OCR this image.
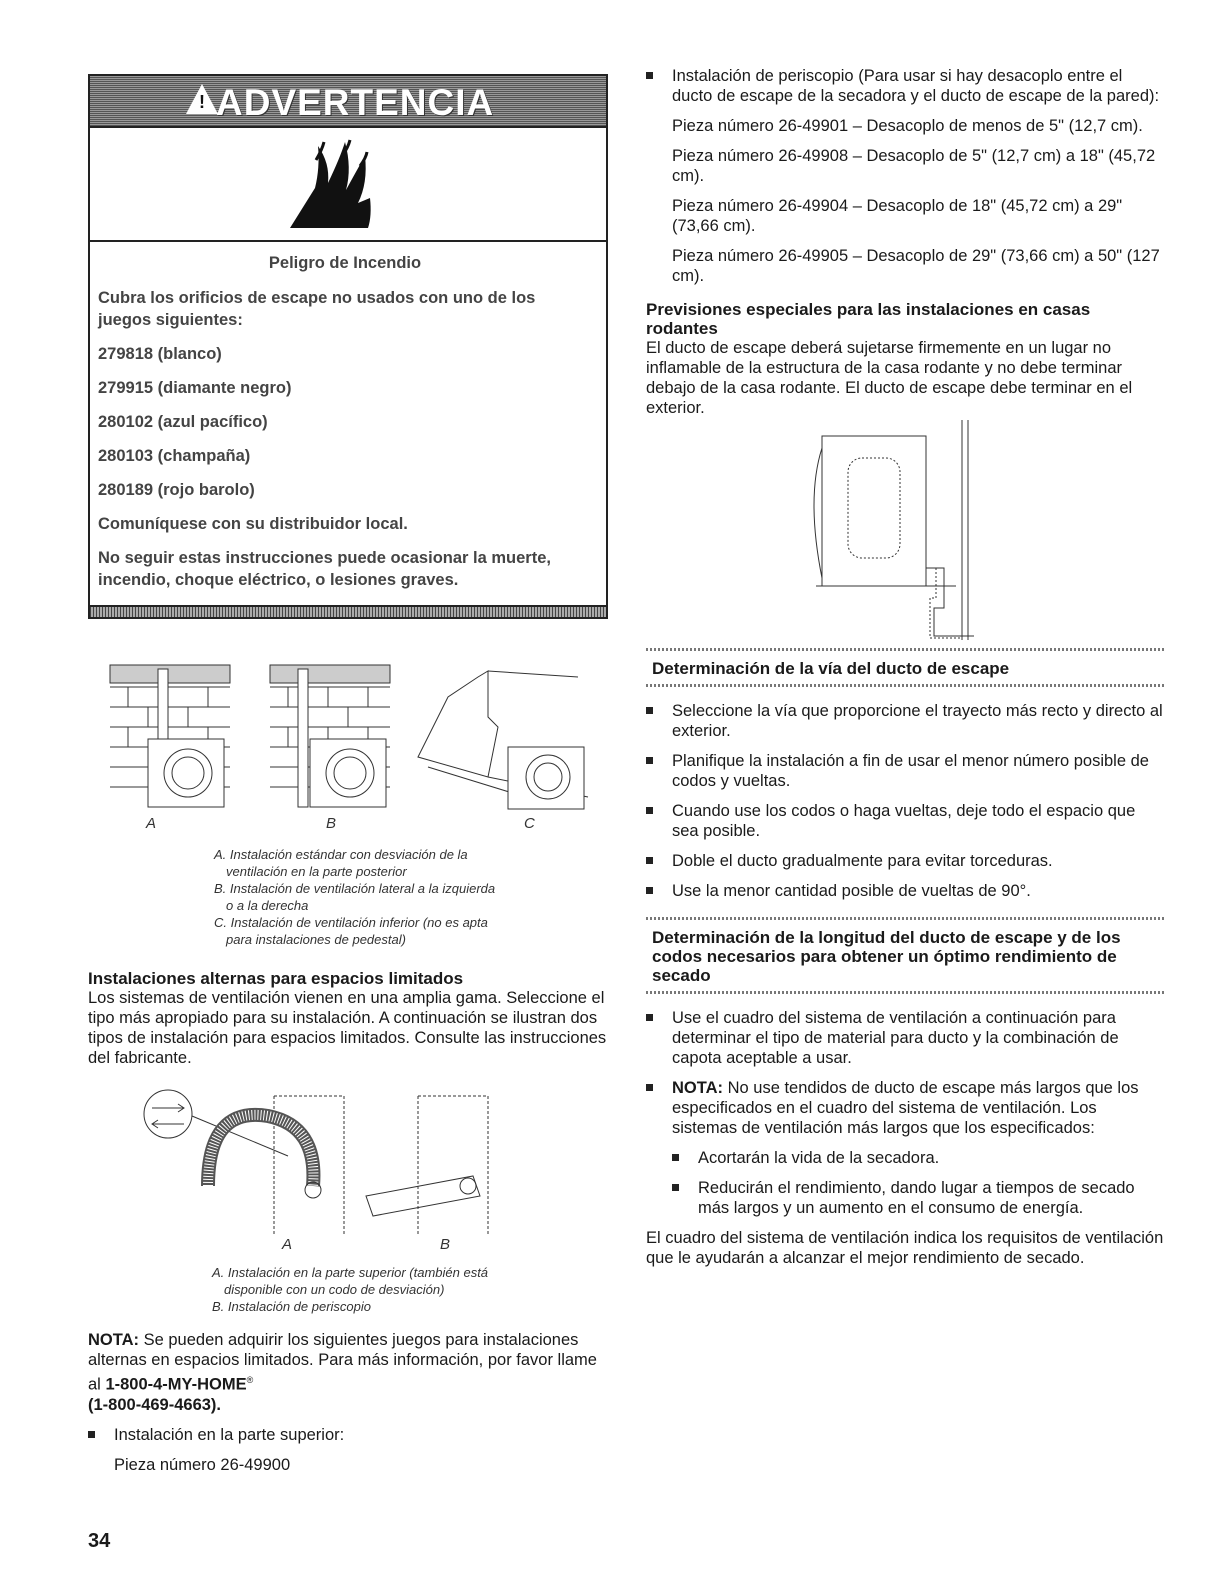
!
ADVERTENCIA
Peligro de Incendio

Cubra los orificios de escape no usados con uno de los juegos siguientes:

279818 (blanco)

279915 (diamante negro)

280102 (azul pacífico)

280103 (champaña)

280189 (rojo barolo)

Comuníquese con su distribuidor local.

No seguir estas instrucciones puede ocasionar la muerte, incendio, choque eléctrico, o lesiones graves.

A	B	C
A. Instalación estándar con desviación de la
ventilación en la parte posterior
B. Instalación de ventilación lateral a la izquierda
o a la derecha
C. Instalación de ventilación inferior (no es apta
para instalaciones de pedestal)
Instalaciones alternas para espacios limitados

Los sistemas de ventilación vienen en una amplia gama. Seleccione el tipo más apropiado para su instalación. A continuación se ilustran dos tipos de instalación para espacios limitados. Consulte las instrucciones del fabricante.

A	B
A. Instalación en la parte superior (también está
disponible con un codo de desviación)
B. Instalación de periscopio

NOTA: Se pueden adquirir los siguientes juegos para instalaciones alternas en espacios limitados. Para más información, por favor llame al 1-800-4-MY-HOME®
(1-800-469-4663).

Instalación en la parte superior:

Pieza número 26-49900

Instalación de periscopio (Para usar si hay desacoplo entre el ducto de escape de la secadora y el ducto de escape de la pared):

Pieza número 26-49901 – Desacoplo de menos de 5" (12,7 cm).

Pieza número 26-49908 – Desacoplo de 5" (12,7 cm) a 18" (45,72 cm).

Pieza número 26-49904 – Desacoplo de 18" (45,72 cm) a 29" (73,66 cm).

Pieza número 26-49905 – Desacoplo de 29" (73,66 cm) a 50" (127 cm).

Previsiones especiales para las instalaciones en casas rodantes

El ducto de escape deberá sujetarse firmemente en un lugar no inflamable de la estructura de la casa rodante y no debe terminar debajo de la casa rodante. El ducto de escape debe terminar en el exterior.

Determinación de la vía del ducto de escape
Seleccione la vía que proporcione el trayecto más recto y directo al exterior.
Planifique la instalación a fin de usar el menor número posible de codos y vueltas.
Cuando use los codos o haga vueltas, deje todo el espacio que sea posible.
Doble el ducto gradualmente para evitar torceduras.
Use la menor cantidad posible de vueltas de 90°.
Determinación de la longitud del ducto de escape y de los codos necesarios para obtener un óptimo rendimiento de secado
Use el cuadro del sistema de ventilación a continuación para determinar el tipo de material para ducto y la combinación de capota aceptable a usar.
NOTA: No use tendidos de ducto de escape más largos que los especificados en el cuadro del sistema de ventilación. Los sistemas de ventilación más largos que los especificados:
Acortarán la vida de la secadora.
Reducirán el rendimiento, dando lugar a tiempos de secado más largos y un aumento en el consumo de energía.

El cuadro del sistema de ventilación indica los requisitos de ventilación que le ayudarán a alcanzar el mejor rendimiento de secado.

34
